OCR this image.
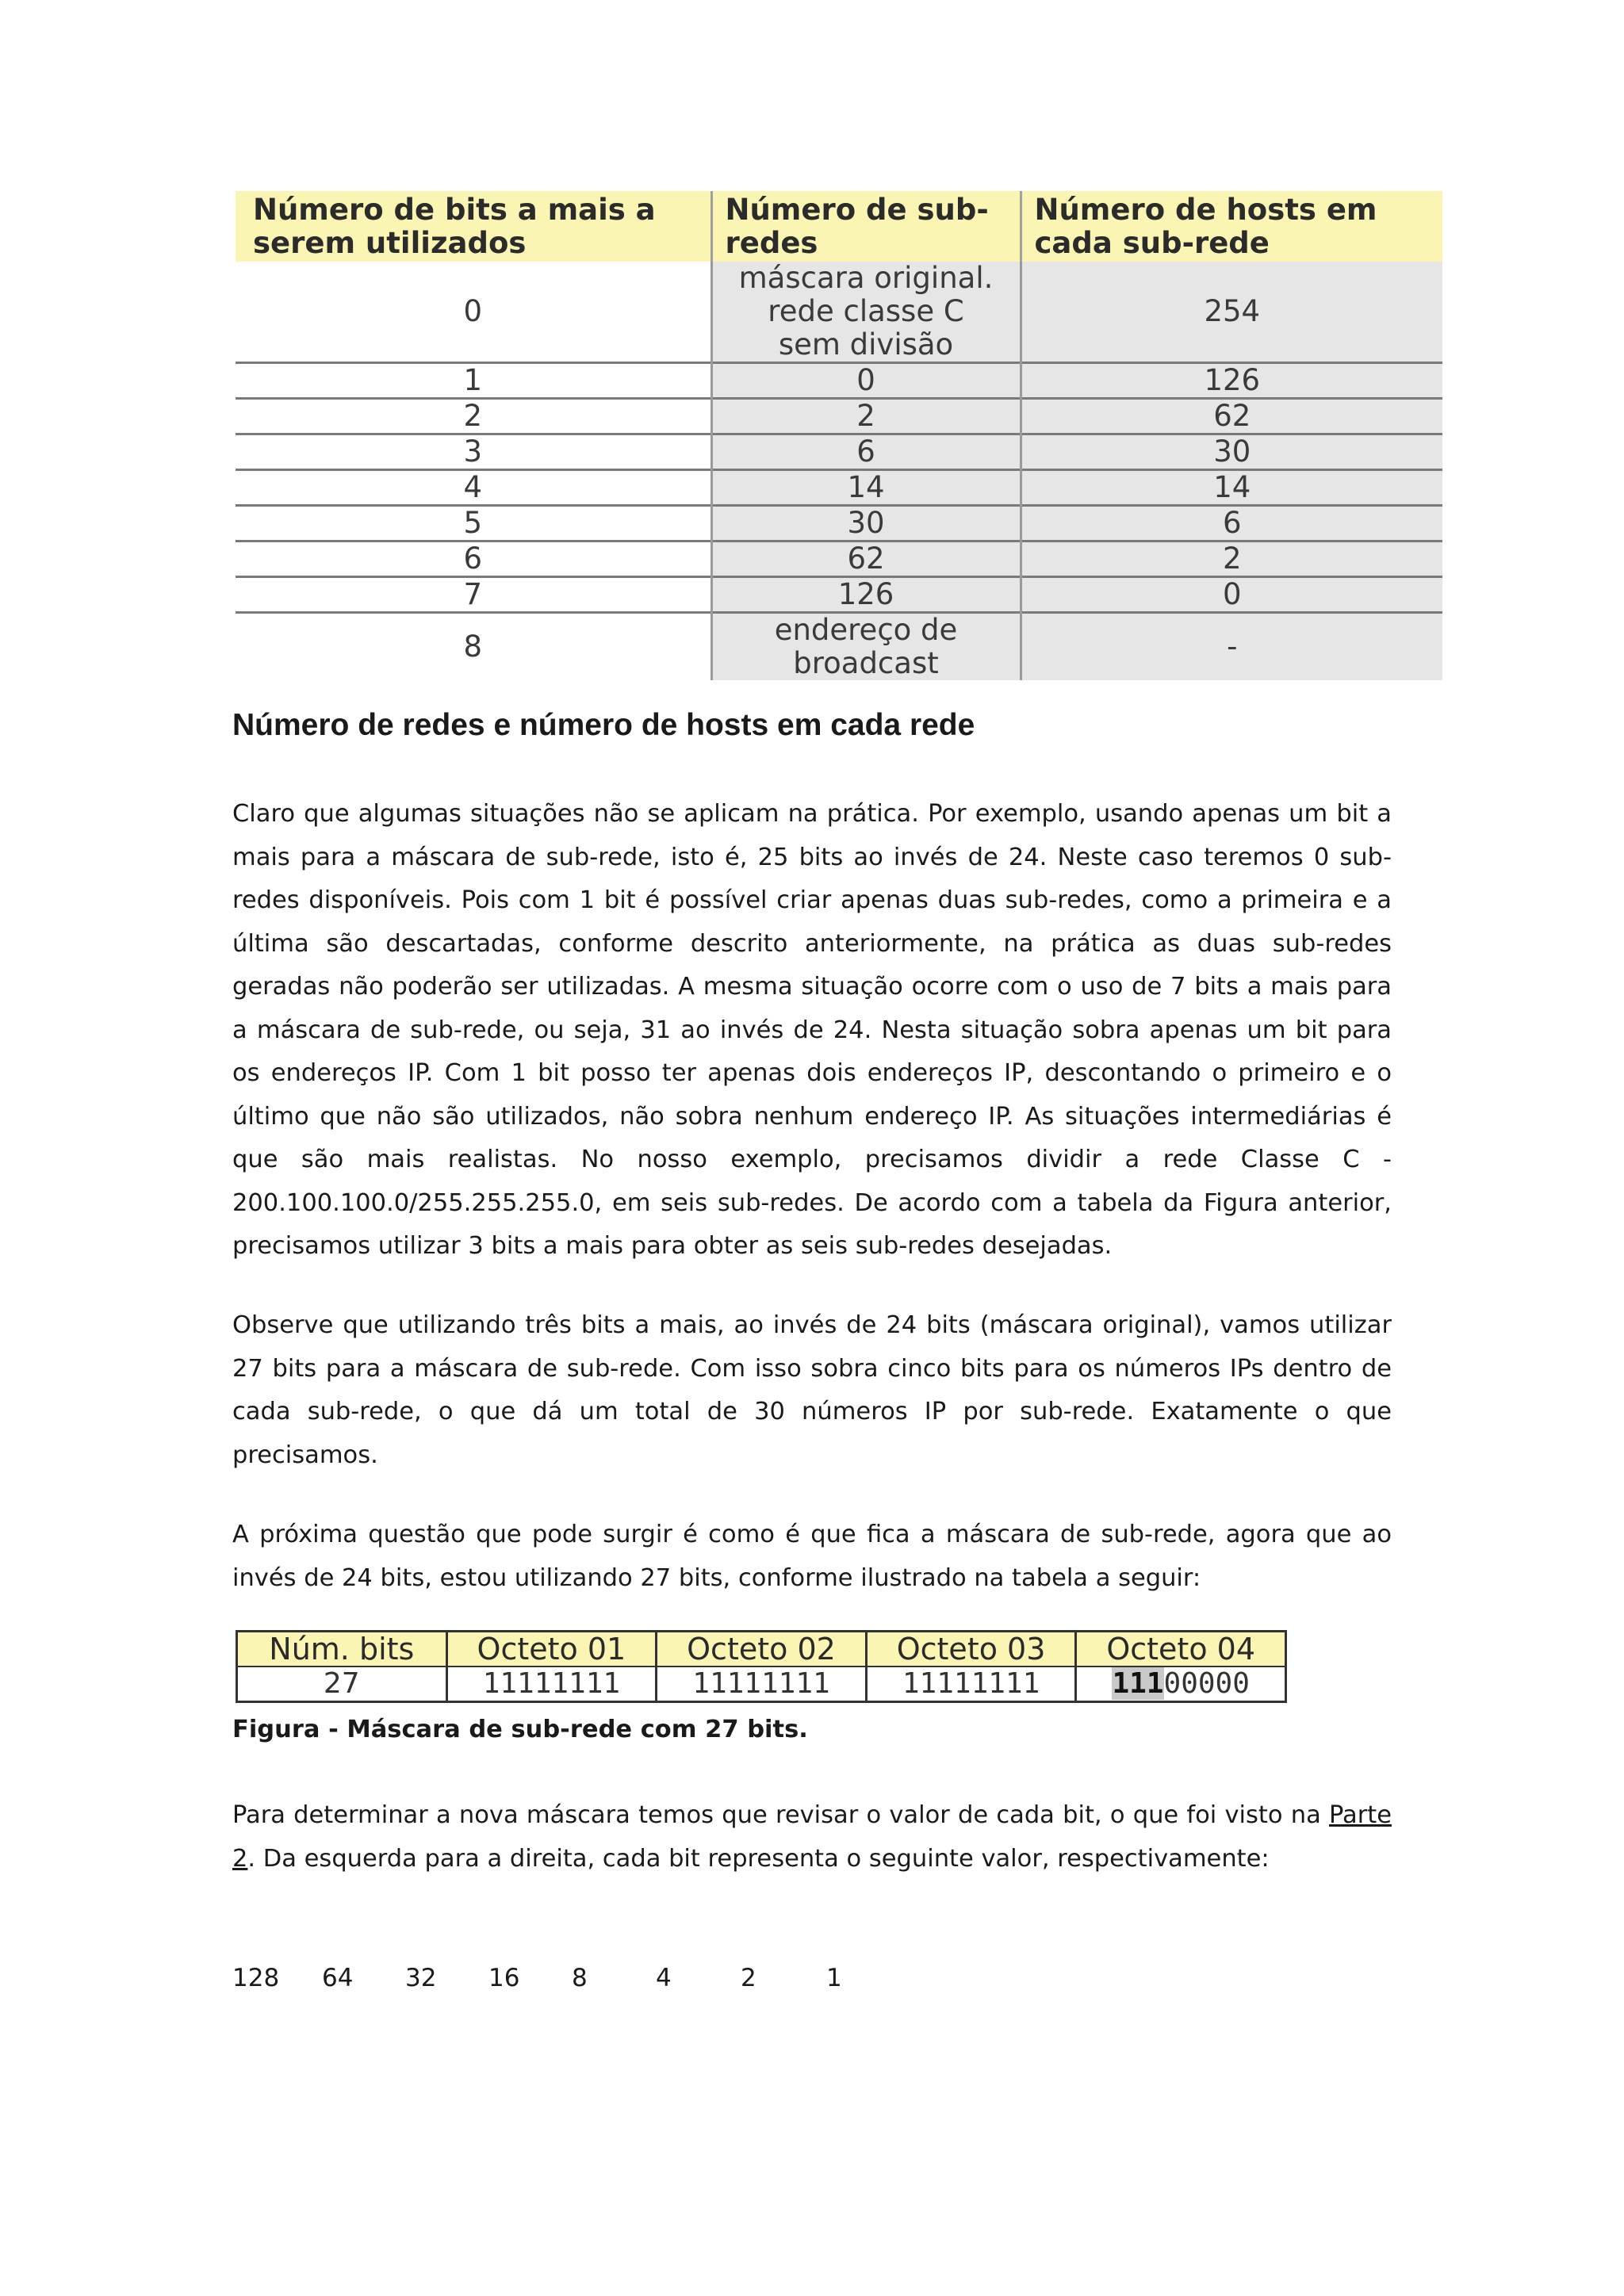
Número de bits a mais a serem utilizados	Número de sub-redes	Número de hosts em cada sub-rede
0	máscara original. rede classe C sem divisão	254
1	0	126
2	2	62
3	6	30
4	14	14
5	30	6
6	62	2
7	126	0
8	endereço de broadcast	-
Número de redes e número de hosts em cada rede

Claro que algumas situações não se aplicam na prática. Por exemplo, usando apenas um bit a mais para a máscara de sub-rede, isto é, 25 bits ao invés de 24. Neste caso teremos 0 sub-redes disponíveis. Pois com 1 bit é possível criar apenas duas sub-redes, como a primeira e a última são descartadas, conforme descrito anteriormente, na prática as duas sub-redes geradas não poderão ser utilizadas. A mesma situação ocorre com o uso de 7 bits a mais para a máscara de sub-rede, ou seja, 31 ao invés de 24. Nesta situação sobra apenas um bit para os endereços IP. Com 1 bit posso ter apenas dois endereços IP, descontando o primeiro e o último que não são utilizados, não sobra nenhum endereço IP. As situações intermediárias é que são mais realistas. No nosso exemplo, precisamos dividir a rede Classe C - 200.100.100.0/255.255.255.0, em seis sub-redes. De acordo com a tabela da Figura anterior, precisamos utilizar 3 bits a mais para obter as seis sub-redes desejadas.

Observe que utilizando três bits a mais, ao invés de 24 bits (máscara original), vamos utilizar 27 bits para a máscara de sub-rede. Com isso sobra cinco bits para os números IPs dentro de cada sub-rede, o que dá um total de 30 números IP por sub-rede. Exatamente o que precisamos.

A próxima questão que pode surgir é como é que fica a máscara de sub-rede, agora que ao invés de 24 bits, estou utilizando 27 bits, conforme ilustrado na tabela a seguir:

Núm. bits	Octeto 01	Octeto 02	Octeto 03	Octeto 04
27	11111111	11111111	11111111	11100000

Figura - Máscara de sub-rede com 27 bits.

Para determinar a nova máscara temos que revisar o valor de cada bit, o que foi visto na Parte 2. Da esquerda para a direita, cada bit representa o seguinte valor, respectivamente:

128 64 32 16 8	4	2	1
